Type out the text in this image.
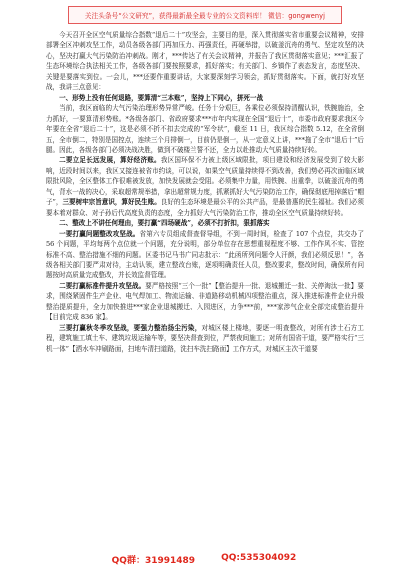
关注头条号“公文研究”，获得最新最全最专业的公文资料库！ 微信：gongwenyj

今天召开全区空气质量综合指数“退后二十”攻坚会，主要目的是，深入贯彻落实省市重要会议精神，安排部署全区冲刺攻坚工作，动员各级各部门再加压力、再强责任，再硬举措，以破釜沉舟的勇气、坚定攻坚的决心，坚决打赢大气污染防治冲刺战。刚才，***传达了有关会议精神，并报告了我区贯彻落实意见；***汇报了生态环境综合执法相关工作，各级各部门要按照要求，抓好落实；有关部门、乡镇作了表态发言，态度坚决、关键是要落实到位。一会儿，***还要作重要讲话，大家要深刻学习领会，抓好贯彻落实。下面，就打好攻坚战，我讲三点意见：

一、形势上没有任何退路，要算清“三本账”，坚持上下同心，拼死一战

当前，我区面临的大气污染治理形势异常严峻。任务十分艰巨，各乘位必须保持清醒认识，铁腕施治，全力抓好，一要算清形势账。*各级各部门、省政府要求***市年内实现在全国“退后十”，市委市政府要求我区今年要在全省“退后二十”，这是必须不折不扣去完成的“军令状”，截至 11 日，我区综合指数 5.12，在全省倒五，全市倒二，特别是国控点，连续三个月排倒一，目前仍是倒一，从一定意义上讲，***拖了全市“退后十”后腿。因此，各级各部门必须决战决胜，做到不破楼兰誓不还，全力以赴推动大气质量持续好转。

二要立足长远发展，算好经济账。我区国环保不力被上级区域限批，项目建设和经济发展受到了较大影响，近段时间以来，我区又接连被省市约谈，可以说，如果空气质量持续得不到改善，我们势必再次面临区域限批风险，全区整体工作很难被发放，加快发展就会受阻。必须集中力量，用铁腕、出重拳，以破釜沉舟的勇气，背水一战的决心，采取超常规举措，拿出超常规力度，抓紧抓好大气污染防治工作，确保彻底甩掉落后“帽子”，三要树牢宗旨意识，算好民生账。良好的生态环境是最公平的公共产品，是最普惠的民生福祉。我们必须要本着对群众、对子孙后代高度负责的态度，全力抓好大气污染防治工作，推动全区空气质量持续好转。

二、整改上不讲任何理由，要打赢“四场硬战”，必须不打折扣，狠抓落实

一要打赢问题整改攻坚战。省第六专员组成督查督导组，不到一周时间，检查了 107 个点位，共交办了 56 个问题，平均每两个点位就一个问题，充分说明，部分单位存在思想重视程度不够、工作作风不实、管控标准不高、整治措施不细的问题。区委书记马书广同志批示：“此函所列问题令人汗颜，我们必须反思！”，各级各相关部门要严肃对待，主动认领，建立整改台账，逐项明确责任人员，整改要求，整改时间，确保所有问题按时高质量完成整改，并长效监督管理。

二要打赢标准件提升攻坚战。要严格按照“三个一批”【整治提升一批、退城搬迁一批、关停淘汰一批】要求，围绕紧固件生产企业、电气焊加工、物流运输、非道路移动机械四项整治重点，深入推进标准件企业升级整治提质提升，全力加快推进***家企业退城搬迁、入园进区，力争***前，***家涉气企业全部完成整治提升【目前完成 836 家】。

三要打赢秋冬季攻坚战，要强力整治扬尘污染，对城区楼上楼地，要逐一明查整改，对所有涉土石方工程，建筑施工填土车、建筑垃圾运输车等，要坚决督查到位，严禁夜间施工；对所有国省干道，要严格实行“三机一体”【洒水车冲刷路面，扫地车清扫道路，洗扫车洗扫路面】工作方式，对城区主次干道要

QQ群：31991489	QQ:535304092
